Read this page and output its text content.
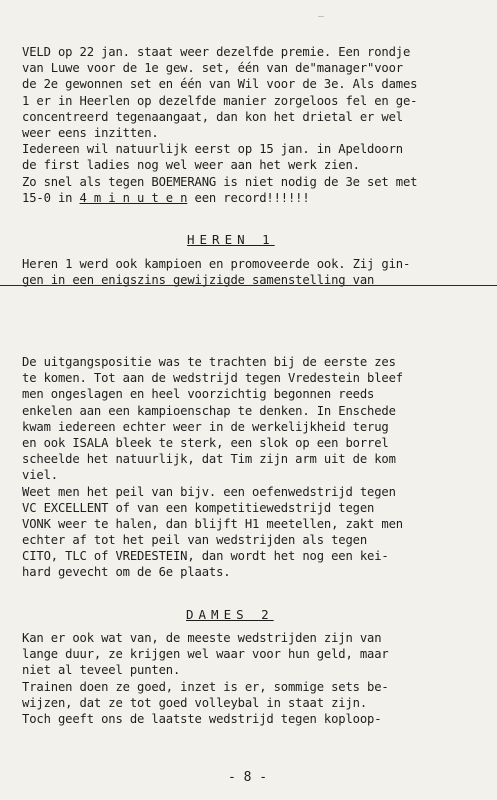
_
VELD op 22 jan. staat weer dezelfde premie. Een rondje
van Luwe voor de 1e gew. set, één van de"manager"voor
de 2e gewonnen set en één van Wil voor de 3e. Als dames
1 er in Heerlen op dezelfde manier zorgeloos fel en ge-
concentreerd tegenaangaat, dan kon het drietal er wel
weer eens inzitten.
Iedereen wil natuurlijk eerst op 15 jan. in Apeldoorn
de first ladies nog wel weer aan het werk zien.
Zo snel als tegen BOEMERANG is niet nodig de 3e set met
15-0 in 4 m i n u t e n een record!!!!!!
HEREN 1
Heren 1 werd ook kampioen en promoveerde ook. Zij gin-
gen in een enigszins gewijzigde samenstelling van
De uitgangspositie was te trachten bij de eerste zes
te komen. Tot aan de wedstrijd tegen Vredestein bleef
men ongeslagen en heel voorzichtig begonnen reeds
enkelen aan een kampioenschap te denken. In Enschede
kwam iedereen echter weer in de werkelijkheid terug
en ook ISALA bleek te sterk, een slok op een borrel
scheelde het natuurlijk, dat Tim zijn arm uit de kom
viel.
Weet men het peil van bijv. een oefenwedstrijd tegen
VC EXCELLENT of van een kompetitiewedstrijd tegen
VONK weer te halen, dan blijft H1 meetellen, zakt men
echter af tot het peil van wedstrijden als tegen
CITO, TLC of VREDESTEIN, dan wordt het nog een kei-
hard gevecht om de 6e plaats.
DAMES 2
Kan er ook wat van, de meeste wedstrijden zijn van
lange duur, ze krijgen wel waar voor hun geld, maar
niet al teveel punten.
Trainen doen ze goed, inzet is er, sommige sets be-
wijzen, dat ze tot goed volleybal in staat zijn.
Toch geeft ons de laatste wedstrijd tegen koploop-
- 8 -
